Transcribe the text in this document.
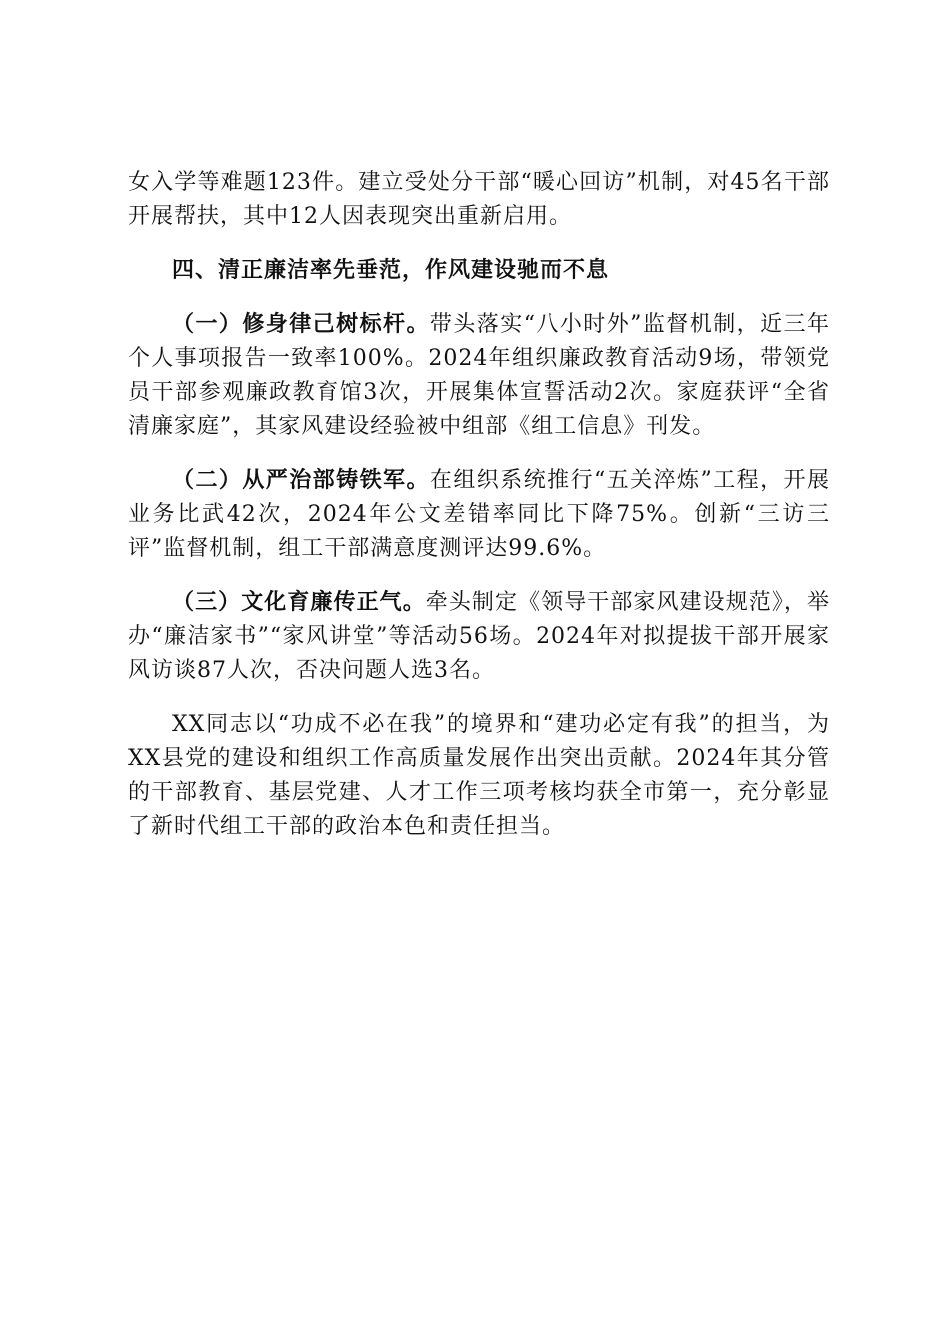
女入学等难题123件。建立受处分干部“暖心回访”机制，对45名干部开展帮扶，其中12人因表现突出重新启用。

四、清正廉洁率先垂范，作风建设驰而不息

（一）修身律己树标杆。带头落实“八小时外”监督机制，近三年个人事项报告一致率100%。2024年组织廉政教育活动9场，带领党员干部参观廉政教育馆3次，开展集体宣誓活动2次。家庭获评“全省清廉家庭”，其家风建设经验被中组部《组工信息》刊发。

（二）从严治部铸铁军。在组织系统推行“五关淬炼”工程，开展业务比武42次，2024年公文差错率同比下降75%。创新“三访三评”监督机制，组工干部满意度测评达99.6%。

（三）文化育廉传正气。牵头制定《领导干部家风建设规范》，举办“廉洁家书”“家风讲堂”等活动56场。2024年对拟提拔干部开展家风访谈87人次，否决问题人选3名。

XX同志以“功成不必在我”的境界和“建功必定有我”的担当，为XX县党的建设和组织工作高质量发展作出突出贡献。2024年其分管的干部教育、基层党建、人才工作三项考核均获全市第一，充分彰显了新时代组工干部的政治本色和责任担当。
